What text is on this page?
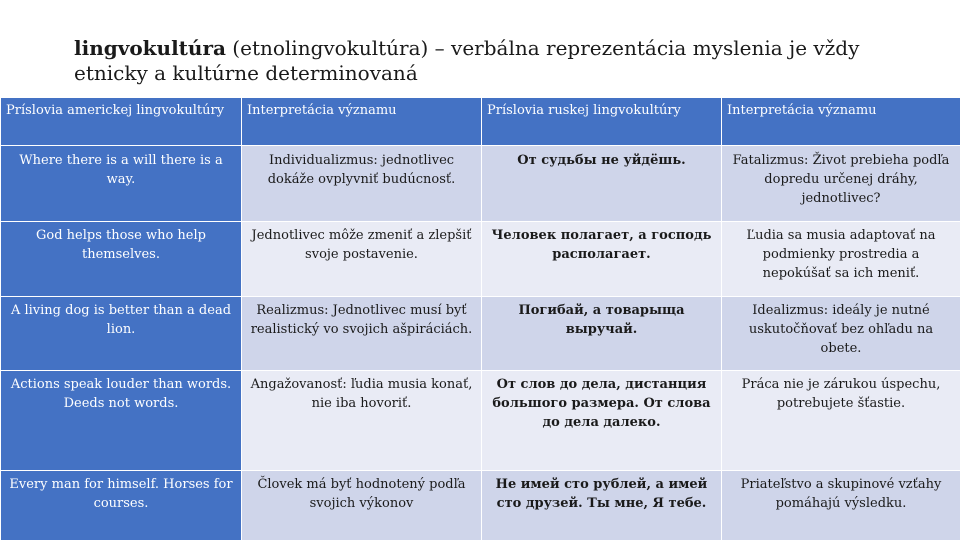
lingvokultúra (etnolingvokultúra) – verbálna reprezentácia myslenia je vždy etnicky a kultúrne determinovaná

Príslovia americkej lingvokultúry	Interpretácia významu	Príslovia ruskej lingvokultúry	Interpretácia významu
Where there is a will there is a way.	Individualizmus: jednotlivec dokáže ovplyvniť budúcnosť.	От судьбы не уйдёшь.	Fatalizmus: Život prebieha podľa dopredu určenej dráhy, jednotlivec?
God helps those who help themselves.	Jednotlivec môže zmeniť a zlepšiť svoje postavenie.	Человек полагает, а господь располагает.	Ľudia sa musia adaptovať na podmienky prostredia a nepokúšať sa ich meniť.
A living dog is better than a dead lion.	Realizmus: Jednotlivec musí byť realistický vo svojich ašpiráciách.	Погибай, а товарыща выручай.	Idealizmus: ideály je nutné uskutočňovať bez ohľadu na obete.
Actions speak louder than words. Deeds not words.	Angažovanosť: ľudia musia konať, nie iba hovoriť.	От слов до дела, дистанция большого размера. От слова до дела далеко.	Práca nie je zárukou úspechu, potrebujete šťastie.
Every man for himself. Horses for courses.	Človek má byť hodnotený podľa svojich výkonov	Не имей сто рублей, а имей сто друзей. Ты мне, Я тебе.	Priateľstvo a skupinové vzťahy pomáhajú výsledku.
